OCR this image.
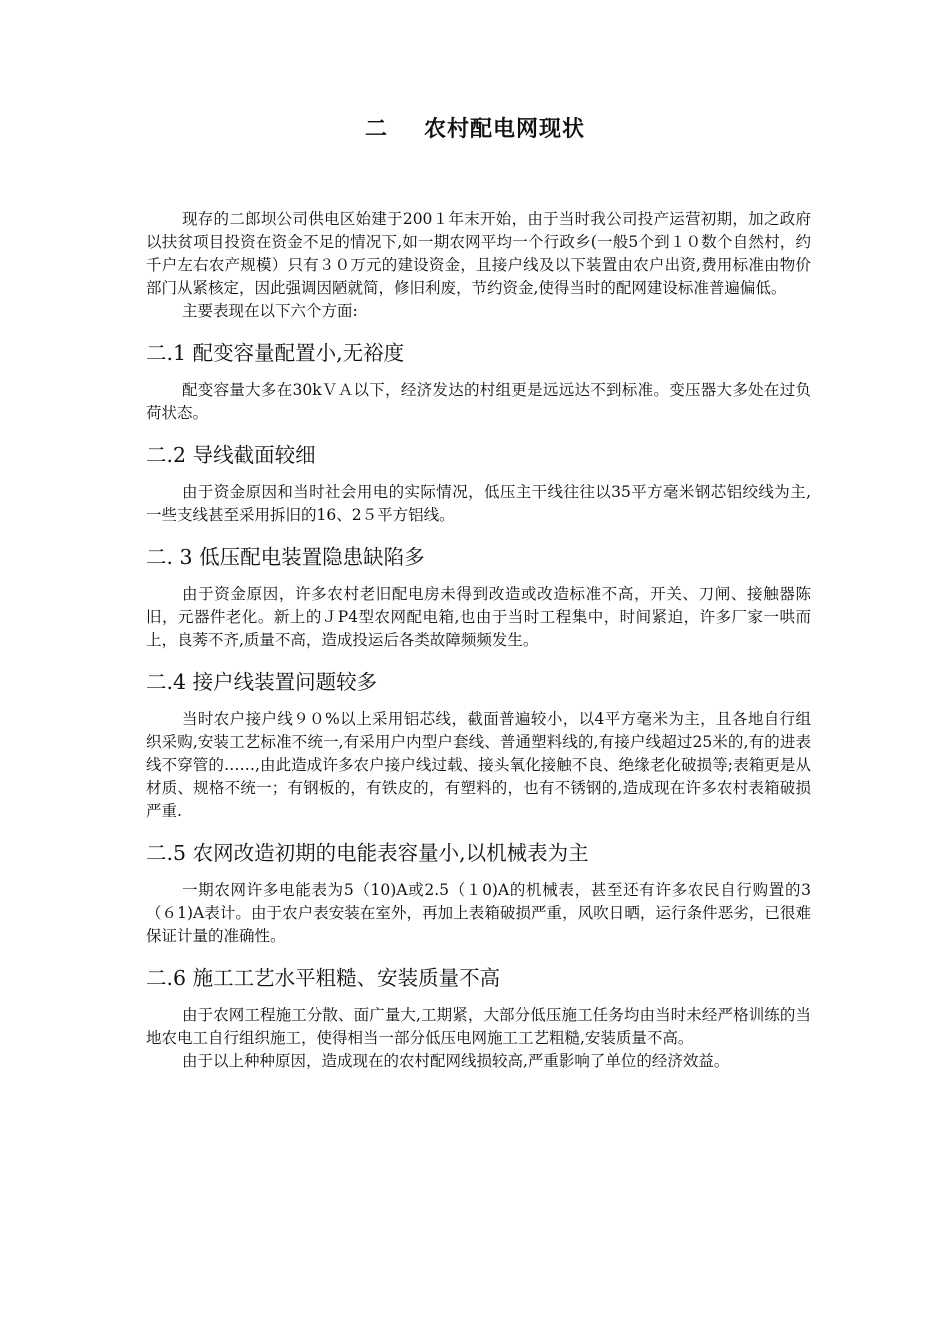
二 农村配电网现状

现存的二郎坝公司供电区始建于200１年末开始，由于当时我公司投产运营初期，加之政府以扶贫项目投资在资金不足的情况下,如一期农网平均一个行政乡(一般5个到１０数个自然村，约千户左右农产规模）只有３０万元的建设资金，且接户线及以下装置由农户出资,费用标准由物价部门从紧核定，因此强调因陋就简，修旧利废，节约资金,使得当时的配网建设标准普遍偏低。

主要表现在以下六个方面:

二.1 配变容量配置小,无裕度

配变容量大多在30kＶＡ以下，经济发达的村组更是远远达不到标准。变压器大多处在过负荷状态。

二.2 导线截面较细

由于资金原因和当时社会用电的实际情况，低压主干线往往以35平方毫米钢芯铝绞线为主,一些支线甚至采用拆旧的16、2５平方铝线。

二. 3 低压配电装置隐患缺陷多

由于资金原因，许多农村老旧配电房未得到改造或改造标准不高，开关、刀闸、接触器陈旧，元器件老化。新上的ＪP4型农网配电箱,也由于当时工程集中，时间紧迫，许多厂家一哄而上，良莠不齐,质量不高，造成投运后各类故障频频发生。

二.4 接户线装置问题较多

当时农户接户线９０%以上采用铝芯线，截面普遍较小，以4平方毫米为主，且各地自行组织采购,安装工艺标准不统一,有采用户内型户套线、普通塑料线的,有接户线超过25米的,有的进表线不穿管的……,由此造成许多农户接户线过载、接头氧化接触不良、绝缘老化破损等;表箱更是从材质、规格不统一；有钢板的，有铁皮的，有塑料的，也有不锈钢的,造成现在许多农村表箱破损严重.

二.5 农网改造初期的电能表容量小,以机械表为主

一期农网许多电能表为5（10)A或2.5（１0)A的机械表，甚至还有许多农民自行购置的3（６1)A表计。由于农户表安装在室外，再加上表箱破损严重，风吹日晒，运行条件恶劣，已很难保证计量的准确性。

二.6 施工工艺水平粗糙、安装质量不高

由于农网工程施工分散、面广量大,工期紧，大部分低压施工任务均由当时未经严格训练的当地农电工自行组织施工，使得相当一部分低压电网施工工艺粗糙,安装质量不高。

由于以上种种原因，造成现在的农村配网线损较高,严重影响了单位的经济效益。
